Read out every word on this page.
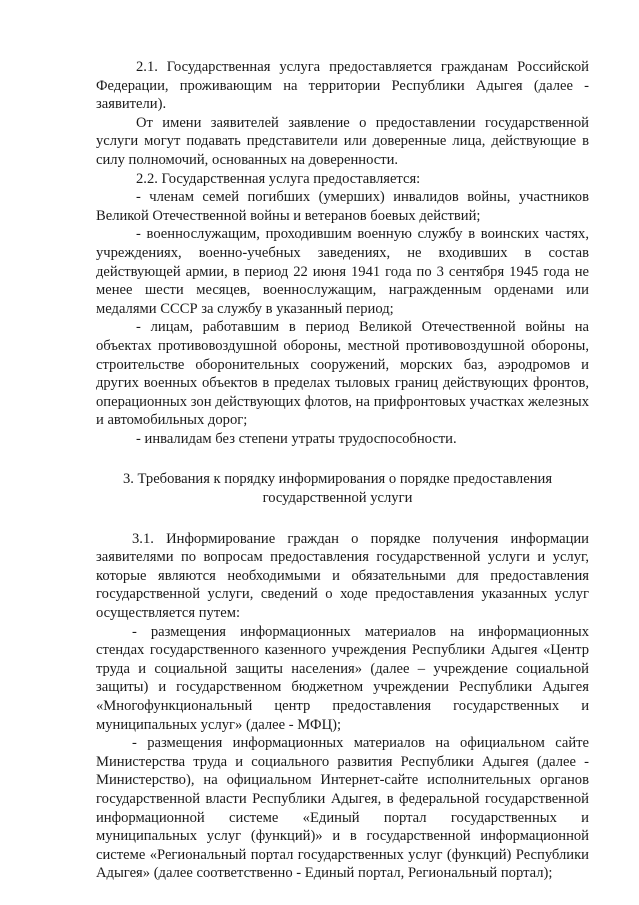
2.1. Государственная услуга предоставляется гражданам Российской Федерации, проживающим на территории Республики Адыгея (далее - заявители).

От имени заявителей заявление о предоставлении государственной услуги могут подавать представители или доверенные лица, действующие в силу полномочий, основанных на доверенности.

2.2. Государственная услуга предоставляется:

- членам семей погибших (умерших) инвалидов войны, участников Великой Отечественной войны и ветеранов боевых действий;

- военнослужащим, проходившим военную службу в воинских частях, учреждениях, военно-учебных заведениях, не входивших в состав действующей армии, в период 22 июня 1941 года по 3 сентября 1945 года не менее шести месяцев, военнослужащим, награжденным орденами или медалями СССР за службу в указанный период;

- лицам, работавшим в период Великой Отечественной войны на объектах противовоздушной обороны, местной противовоздушной обороны, строительстве оборонительных сооружений, морских баз, аэродромов и других военных объектов в пределах тыловых границ действующих фронтов, операционных зон действующих флотов, на прифронтовых участках железных и автомобильных дорог;

- инвалидам без степени утраты трудоспособности.

3. Требования к порядку информирования о порядке предоставления государственной услуги

3.1. Информирование граждан о порядке получения информации заявителями по вопросам предоставления государственной услуги и услуг, которые являются необходимыми и обязательными для предоставления государственной услуги, сведений о ходе предоставления указанных услуг осуществляется путем:

- размещения информационных материалов на информационных стендах государственного казенного учреждения Республики Адыгея «Центр труда и социальной защиты населения» (далее – учреждение социальной защиты) и государственном бюджетном учреждении Республики Адыгея «Многофункциональный центр предоставления государственных и муниципальных услуг» (далее - МФЦ);

- размещения информационных материалов на официальном сайте Министерства труда и социального развития Республики Адыгея (далее - Министерство), на официальном Интернет-сайте исполнительных органов государственной власти Республики Адыгея, в федеральной государственной информационной системе «Единый портал государственных и муниципальных услуг (функций)» и в государственной информационной системе «Региональный портал государственных услуг (функций) Республики Адыгея» (далее соответственно - Единый портал, Региональный портал);
